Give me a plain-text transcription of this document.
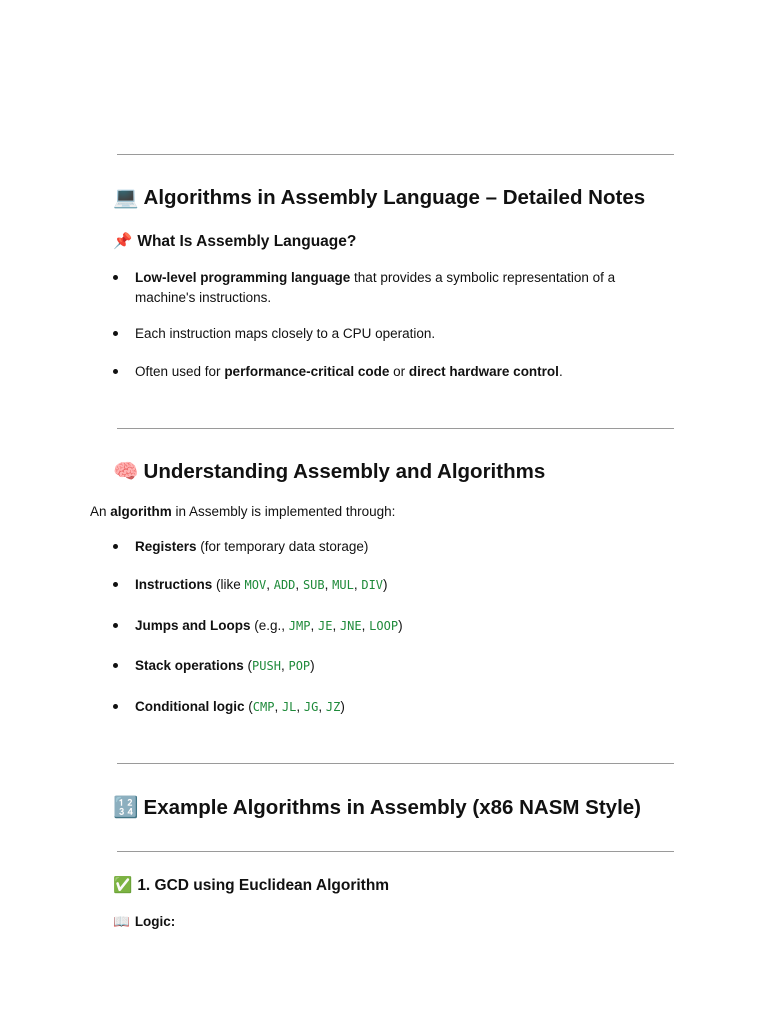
💻 Algorithms in Assembly Language – Detailed Notes
📌 What Is Assembly Language?
Low-level programming language that provides a symbolic representation of a machine's instructions.
Each instruction maps closely to a CPU operation.
Often used for performance-critical code or direct hardware control.
🧠 Understanding Assembly and Algorithms

An algorithm in Assembly is implemented through:

Registers (for temporary data storage)
Instructions (like MOV, ADD, SUB, MUL, DIV)
Jumps and Loops (e.g., JMP, JE, JNE, LOOP)
Stack operations (PUSH, POP)
Conditional logic (CMP, JL, JG, JZ)
🔢 Example Algorithms in Assembly (x86 NASM Style)
✅ 1. GCD using Euclidean Algorithm
📖 Logic:
